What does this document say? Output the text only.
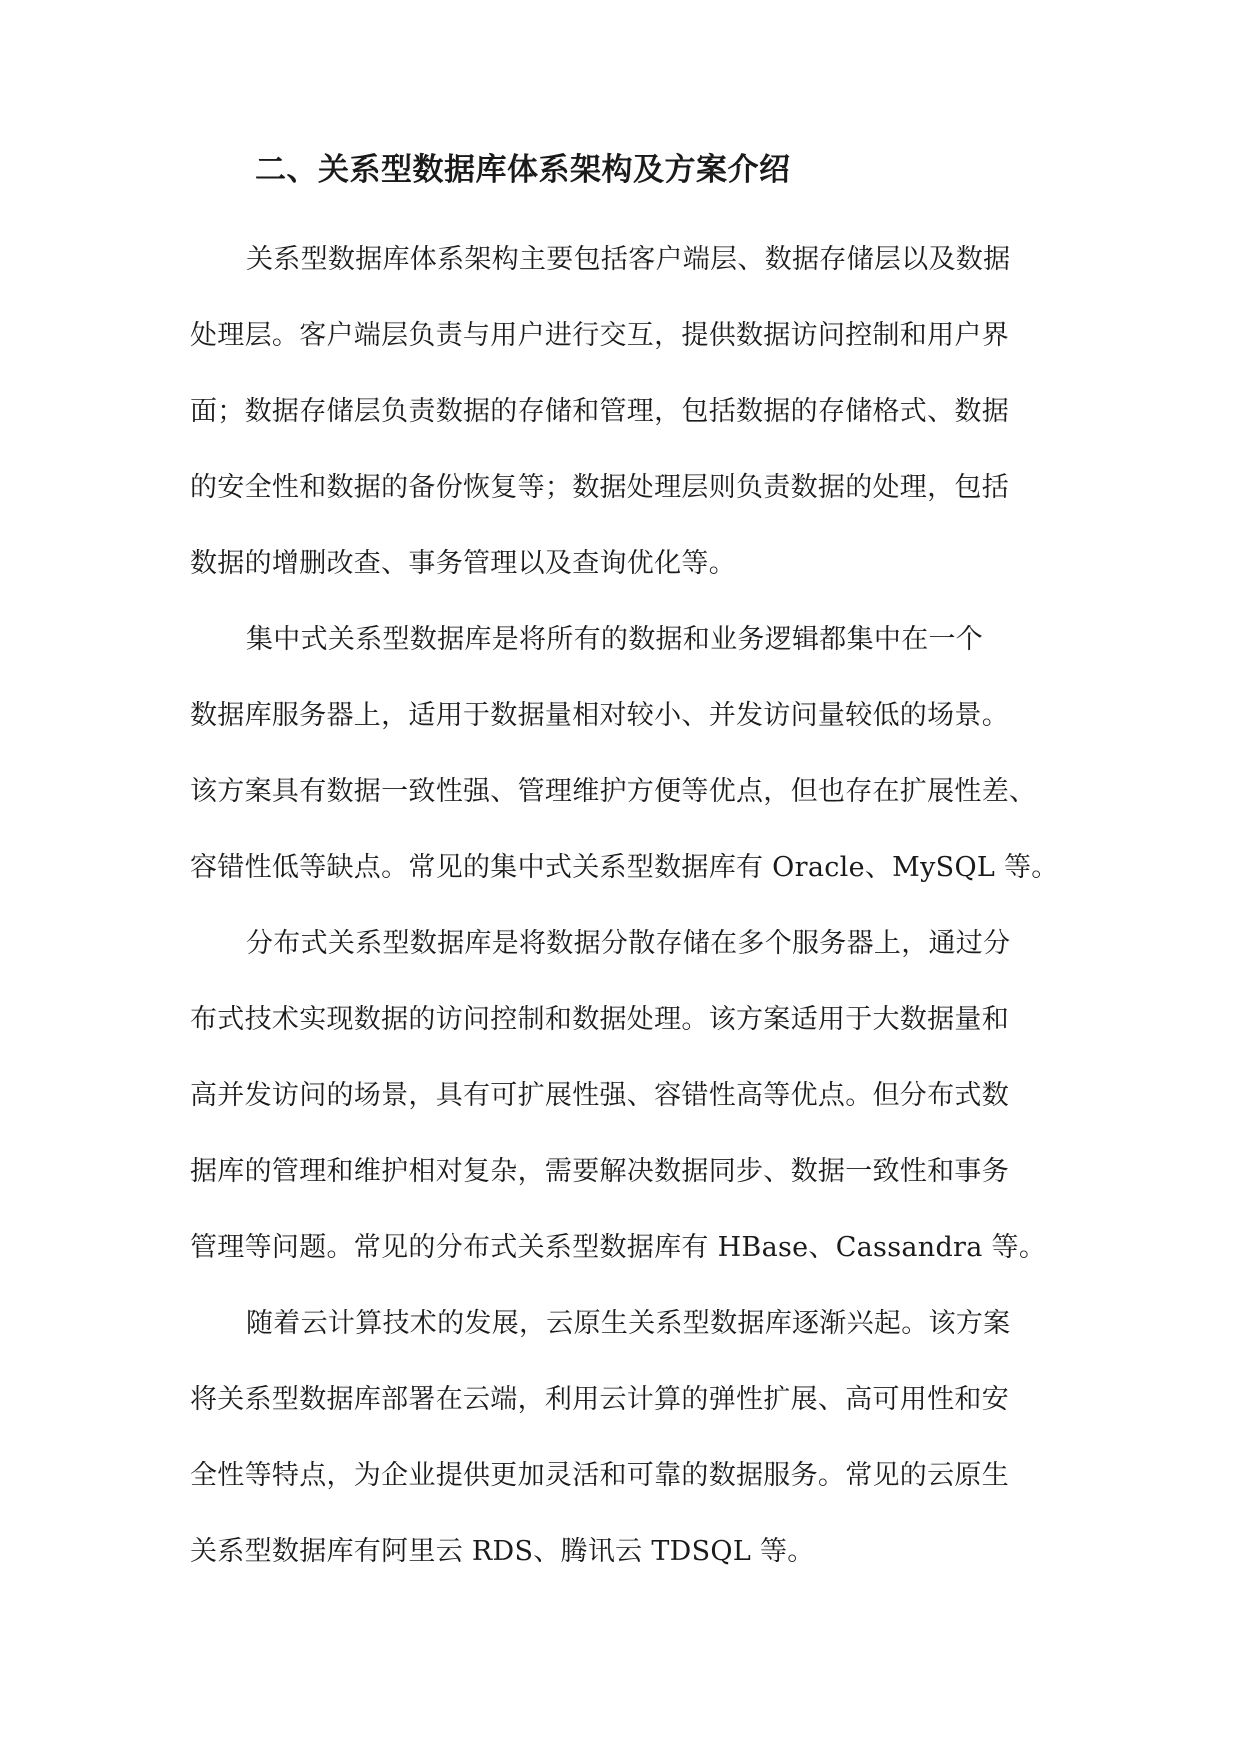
二、关系型数据库体系架构及方案介绍
关系型数据库体系架构主要包括客户端层、数据存储层以及数据
处理层。客户端层负责与用户进行交互，提供数据访问控制和用户界
面；数据存储层负责数据的存储和管理，包括数据的存储格式、数据
的安全性和数据的备份恢复等；数据处理层则负责数据的处理，包括
数据的增删改查、事务管理以及查询优化等。
集中式关系型数据库是将所有的数据和业务逻辑都集中在一个
数据库服务器上，适用于数据量相对较小、并发访问量较低的场景。
该方案具有数据一致性强、管理维护方便等优点，但也存在扩展性差、
容错性低等缺点。常见的集中式关系型数据库有 Oracle、MySQL 等。
分布式关系型数据库是将数据分散存储在多个服务器上，通过分
布式技术实现数据的访问控制和数据处理。该方案适用于大数据量和
高并发访问的场景，具有可扩展性强、容错性高等优点。但分布式数
据库的管理和维护相对复杂，需要解决数据同步、数据一致性和事务
管理等问题。常见的分布式关系型数据库有 HBase、Cassandra 等。
随着云计算技术的发展，云原生关系型数据库逐渐兴起。该方案
将关系型数据库部署在云端，利用云计算的弹性扩展、高可用性和安
全性等特点，为企业提供更加灵活和可靠的数据服务。常见的云原生
关系型数据库有阿里云 RDS、腾讯云 TDSQL 等。
